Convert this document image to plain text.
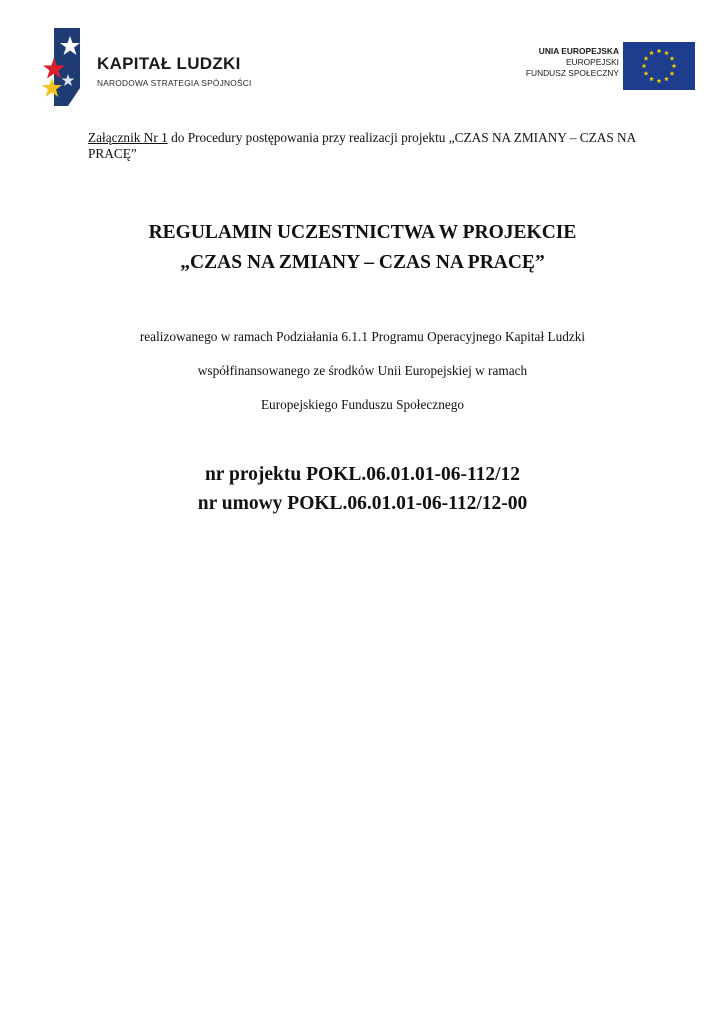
KAPITAŁ LUDZKI
NARODOWA STRATEGIA SPÓJNOŚCI
UNIA EUROPEJSKA
EUROPEJSKI
FUNDUSZ SPOŁECZNY
Załącznik Nr 1 do Procedury postępowania przy realizacji projektu „CZAS NA ZMIANY – CZAS NA PRACĘ”
REGULAMIN UCZESTNICTWA W PROJEKCIE
„CZAS NA ZMIANY – CZAS NA PRACĘ”
realizowanego w ramach Podziałania 6.1.1 Programu Operacyjnego Kapitał Ludzki
współfinansowanego ze środków Unii Europejskiej w ramach
Europejskiego Funduszu Społecznego
nr projektu POKL.06.01.01-06-112/12
nr umowy POKL.06.01.01-06-112/12-00
